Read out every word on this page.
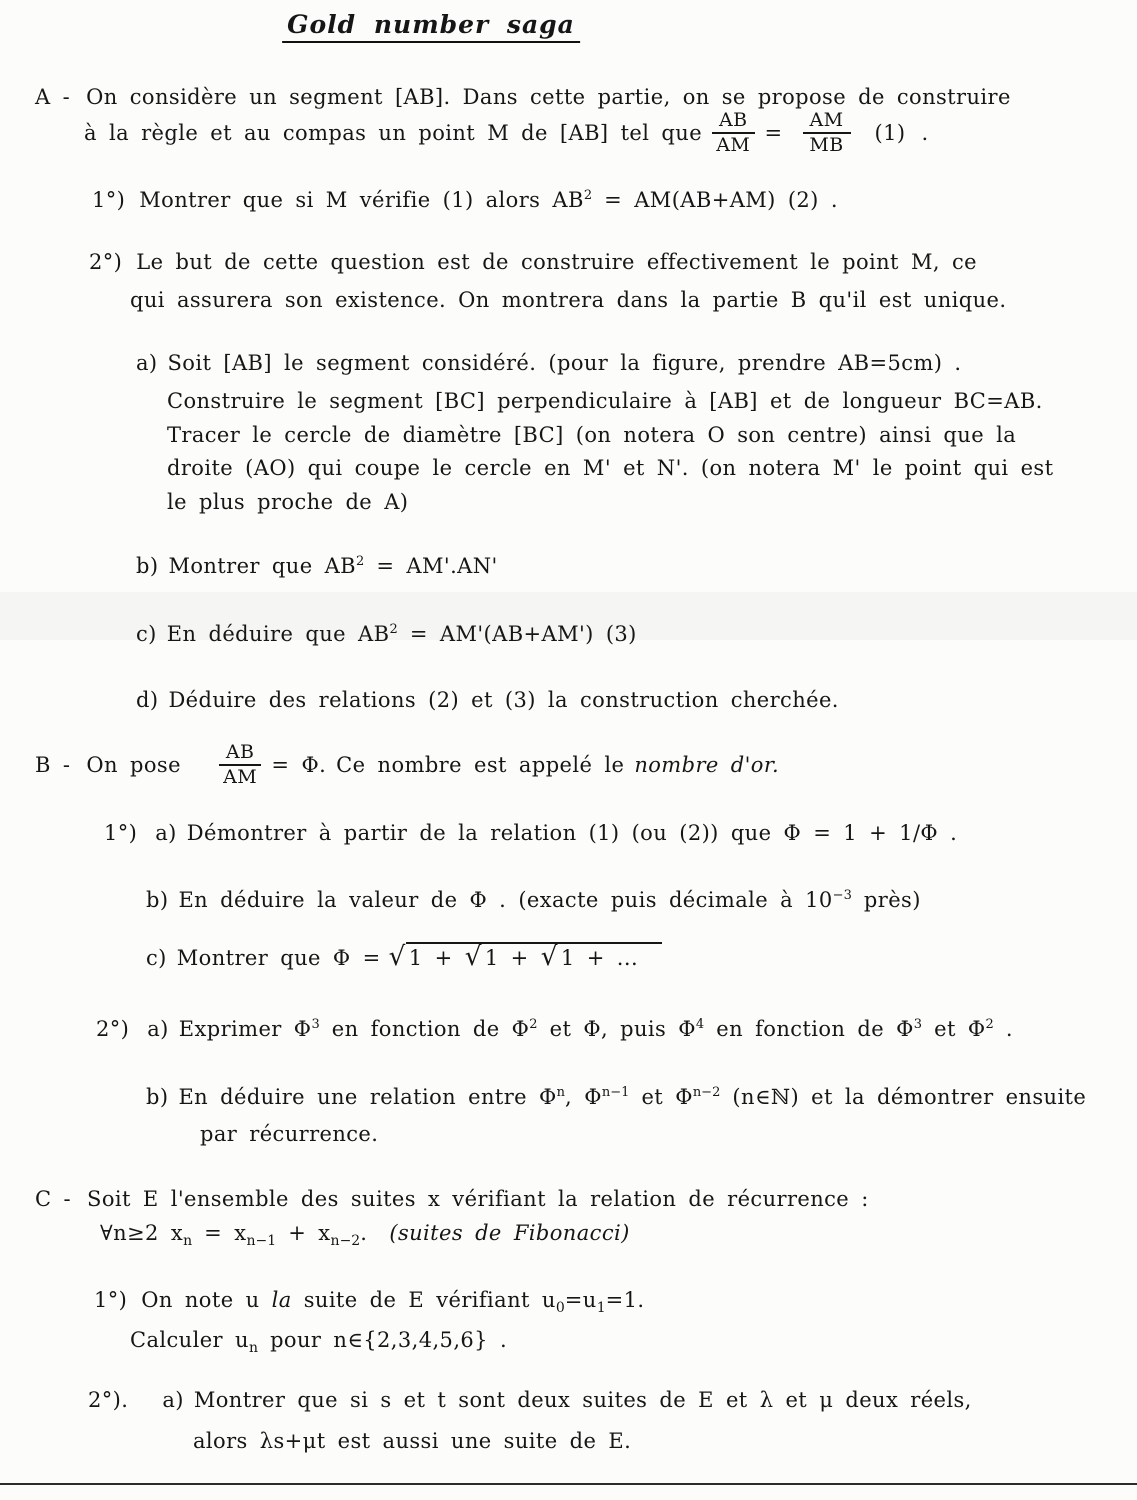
Gold number saga
A - On considère un segment [AB]. Dans cette partie, on se propose de construire
à la règle et au compas un point M de [AB] tel que $\frac{AB}{AM} = \frac{AM}{MB} (1)$ .
1°) Montrer que si M vérifie (1) alors $AB^2 = AM(AB+AM)$ (2) .
2°) Le but de cette question est de construire effectivement le point M, ce
qui assurera son existence. On montrera dans la partie B qu'il est unique.
a) Soit [AB] le segment considéré. (pour la figure, prendre AB=5cm) .
Construire le segment [BC] perpendiculaire à [AB] et de longueur BC=AB.
Tracer le cercle de diamètre [BC] (on notera O son centre) ainsi que la
droite (AO) qui coupe le cercle en M' et N'. (on notera M' le point qui est
le plus proche de A)
b) Montrer que $AB^2 = AM'.AN'$
c) En déduire que $AB^2 = AM'(AB+AM')$ (3)
d) Déduire des relations (2) et (3) la construction cherchée.
B - On pose $\frac{AB}{AM} = \Phi$. Ce nombre est appelé le nombre d'or.
1°) a) Démontrer à partir de la relation (1) (ou (2)) que Φ = 1 + 1/Φ .
b) En déduire la valeur de Φ . (exacte puis décimale à $10^{-3}$ près)
c) Montrer que Φ = √ 1 + √ 1 + √ 1 + ...
2°) a) Exprimer $\Phi^3$ en fonction de $\Phi^2$ et Φ, puis $\Phi^4$ en fonction de $\Phi^3$ et $\Phi^2$ .
b) En déduire une relation entre $\Phi^n$, $\Phi^{n-1}$ et $\Phi^{n-2}$ (n∈ℕ) et la démontrer ensuite
par récurrence.
C - Soit E l'ensemble des suites x vérifiant la relation de récurrence :
∀n≥2 $x_n = x_{n-1} + x_{n-2}$. (suites de Fibonacci)
1°) On note u la suite de E vérifiant $u_0=u_1=1$.
Calculer $u_n$ pour n∈{2,3,4,5,6} .
2°). a) Montrer que si s et t sont deux suites de E et λ et μ deux réels,
alors λs+μt est aussi une suite de E.
